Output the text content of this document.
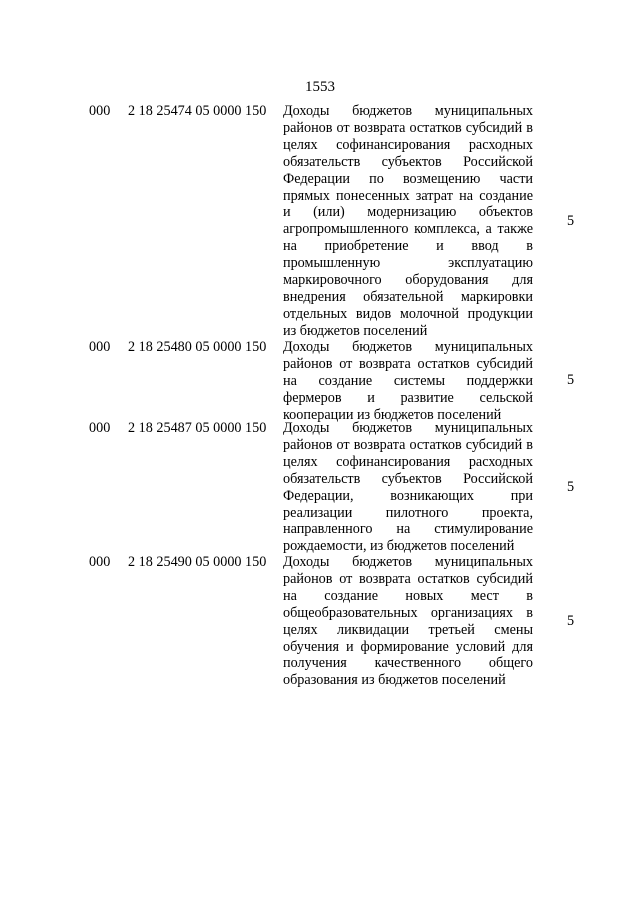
1553
000 2 18 25474 05 0000 150 Доходы бюджетов муниципальных районов от возврата остатков субсидий в целях софинансирования расходных обязательств субъектов Российской Федерации по возмещению части прямых понесенных затрат на создание и (или) модернизацию объектов агропромышленного комплекса, а также на приобретение и ввод в промышленную эксплуатацию маркировочного оборудования для внедрения обязательной маркировки отдельных видов молочной продукции из бюджетов поселений
5
000 2 18 25480 05 0000 150 Доходы бюджетов муниципальных районов от возврата остатков субсидий на создание системы поддержки фермеров и развитие сельской кооперации из бюджетов поселений
5
000 2 18 25487 05 0000 150 Доходы бюджетов муниципальных районов от возврата остатков субсидий в целях софинансирования расходных обязательств субъектов Российской Федерации, возникающих при реализации пилотного проекта, направленного на стимулирование рождаемости, из бюджетов поселений
5
000 2 18 25490 05 0000 150 Доходы бюджетов муниципальных районов от возврата остатков субсидий на создание новых мест в общеобразовательных организациях в целях ликвидации третьей смены обучения и формирование условий для получения качественного общего образования из бюджетов поселений
5
